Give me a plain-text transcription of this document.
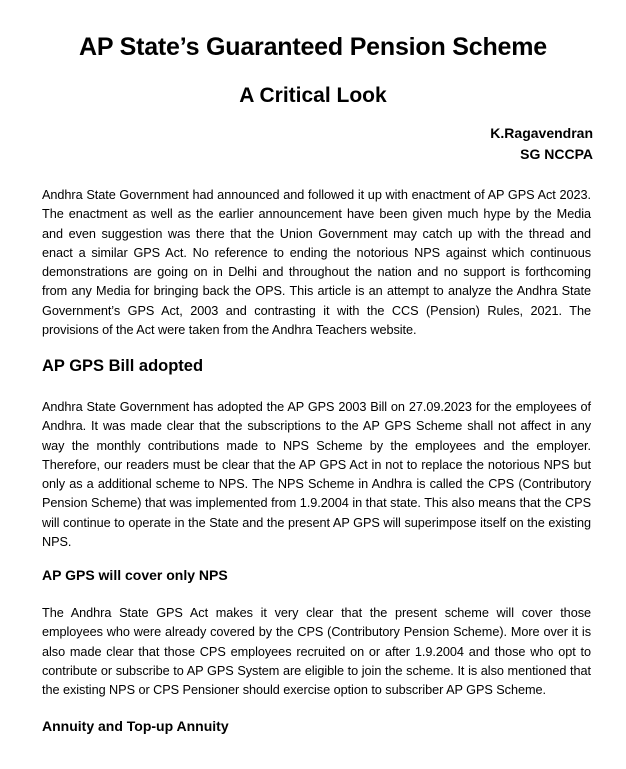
AP State’s Guaranteed Pension Scheme
A Critical Look
K.Ragavendran
SG NCCPA

Andhra State Government had announced and followed it up with enactment of AP GPS Act 2023. The enactment as well as the earlier announcement have been given much hype by the Media and even suggestion was there that the Union Government may catch up with the thread and enact a similar GPS Act. No reference to ending the notorious NPS against which continuous demonstrations are going on in Delhi and throughout the nation and no support is forthcoming from any Media for bringing back the OPS. This article is an attempt to analyze the Andhra State Government’s GPS Act, 2003 and contrasting it with the CCS (Pension) Rules, 2021. The provisions of the Act were taken from the Andhra Teachers website.

AP GPS Bill adopted

Andhra State Government has adopted the AP GPS 2003 Bill on 27.09.2023 for the employees of Andhra. It was made clear that the subscriptions to the AP GPS Scheme shall not affect in any way the monthly contributions made to NPS Scheme by the employees and the employer. Therefore, our readers must be clear that the AP GPS Act in not to replace the notorious NPS but only as a additional scheme to NPS. The NPS Scheme in Andhra is called the CPS (Contributory Pension Scheme) that was implemented from 1.9.2004 in that state. This also means that the CPS will continue to operate in the State and the present AP GPS will superimpose itself on the existing NPS.

AP GPS will cover only NPS

The Andhra State GPS Act makes it very clear that the present scheme will cover those employees who were already covered by the CPS (Contributory Pension Scheme). More over it is also made clear that those CPS employees recruited on or after 1.9.2004 and those who opt to contribute or subscribe to AP GPS System are eligible to join the scheme. It is also mentioned that the existing NPS or CPS Pensioner should exercise option to subscriber AP GPS Scheme.

Annuity and Top-up Annuity
